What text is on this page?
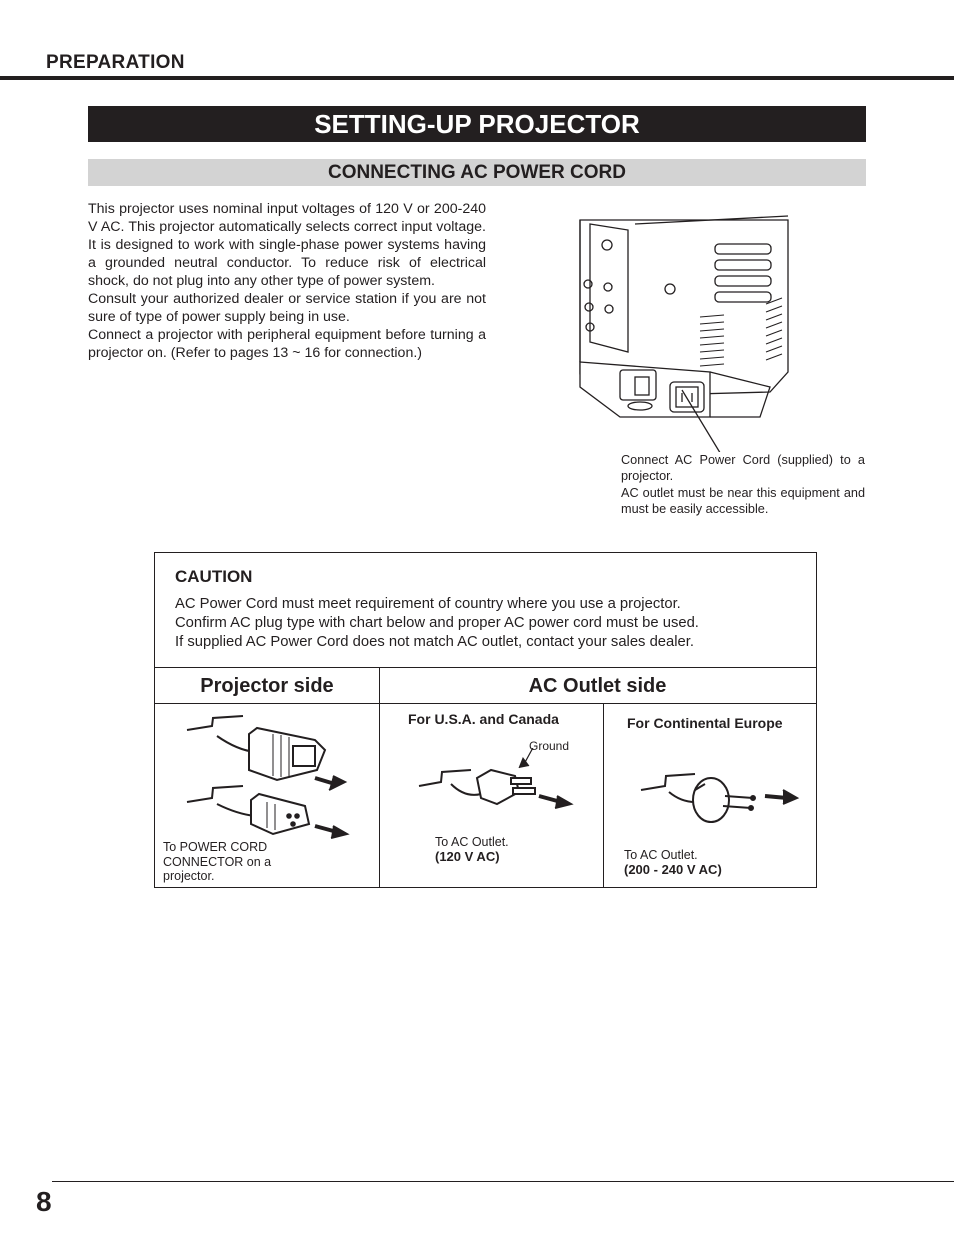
PREPARATION
SETTING-UP PROJECTOR
CONNECTING AC POWER CORD

This projector uses nominal input voltages of 120 V or 200-240 V AC. This projector automatically selects correct input voltage. It is designed to work with single-phase power systems having a grounded neutral conductor. To reduce risk of electrical shock, do not plug into any other type of power system.

Consult your authorized dealer or service station if you are not sure of type of power supply being in use.

Connect a projector with peripheral equipment before turning a projector on. (Refer to pages 13 ~ 16 for connection.)

Connect AC Power Cord (supplied) to a projector.

AC outlet must be near this equipment and must be easily accessible.

CAUTION

AC Power Cord must meet requirement of country where you use a projector.

Confirm AC plug type with chart below and proper AC power cord must be used.

If supplied AC Power Cord does not match AC outlet, contact your sales dealer.

Projector side	AC Outlet side
To POWER CORD CONNECTOR on a projector.
For U.S.A. and Canada
Ground
To AC Outlet.
(120 V AC)
For Continental Europe
To AC Outlet.
(200 - 240 V AC)
8
